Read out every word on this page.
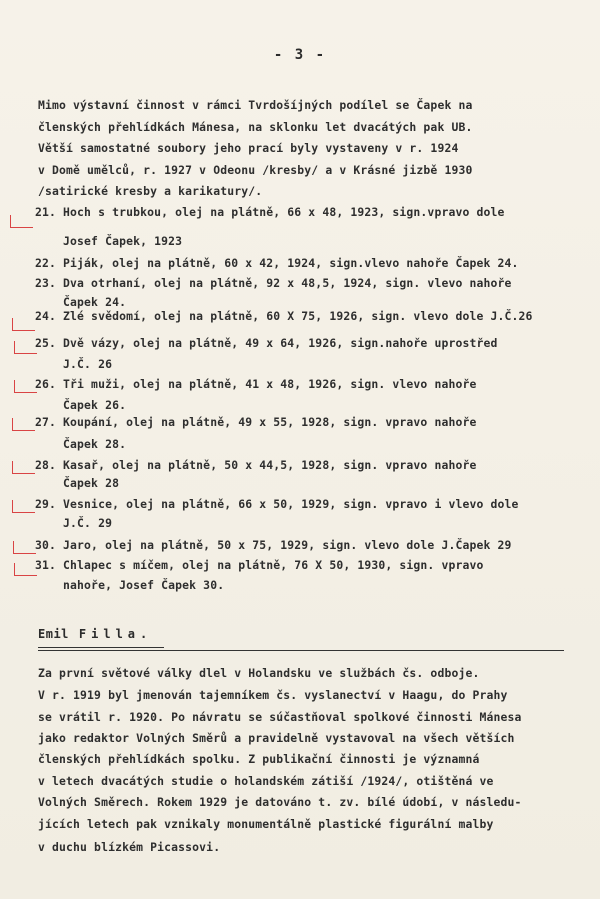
- 3 -
Mimo výstavní činnost v rámci Tvrdošíjných podílel se Čapek na
členských přehlídkách Mánesa, na sklonku let dvacátých pak UB.
Větší samostatné soubory jeho prací byly vystaveny v r. 1924
v Domě umělců, r. 1927 v Odeonu /kresby/ a v Krásné jizbě 1930
/satirické kresby a karikatury/.
21. Hoch s trubkou, olej na plátně, 66 x 48, 1923, sign.vpravo dole
Josef Čapek, 1923
22. Piják, olej na plátně, 60 x 42, 1924, sign.vlevo nahoře Čapek 24.
23. Dva otrhaní, olej na plátně, 92 x 48,5, 1924, sign. vlevo nahoře
Čapek 24.
24. Zlé svědomí, olej na plátně, 60 X 75, 1926, sign. vlevo dole J.Č.26
25. Dvě vázy, olej na plátně, 49 x 64, 1926, sign.nahoře uprostřed
J.Č. 26
26. Tři muži, olej na plátně, 41 x 48, 1926, sign. vlevo nahoře
Čapek 26.
27. Koupání, olej na plátně, 49 x 55, 1928, sign. vpravo nahoře
Čapek 28.
28. Kasař, olej na plátně, 50 x 44,5, 1928, sign. vpravo nahoře
Čapek 28
29. Vesnice, olej na plátně, 66 x 50, 1929, sign. vpravo i vlevo dole
J.Č. 29
30. Jaro, olej na plátně, 50 x 75, 1929, sign. vlevo dole J.Čapek 29
31. Chlapec s míčem, olej na plátně, 76 X 50, 1930, sign. vpravo
nahoře, Josef Čapek 30.
Emil Filla.
Za první světové války dlel v Holandsku ve službách čs. odboje.
V r. 1919 byl jmenován tajemníkem čs. vyslanectví v Haagu, do Prahy
se vrátil r. 1920. Po návratu se súčastňoval spolkové činnosti Mánesa
jako redaktor Volných Směrů a pravidelně vystavoval na všech větších
členských přehlídkách spolku. Z publikační činnosti je významná
v letech dvacátých studie o holandském zátiší /1924/, otištěná ve
Volných Směrech. Rokem 1929 je datováno t. zv. bílé údobí, v následu-
jících letech pak vznikaly monumentálně plastické figurální malby
v duchu blízkém Picassovi.
